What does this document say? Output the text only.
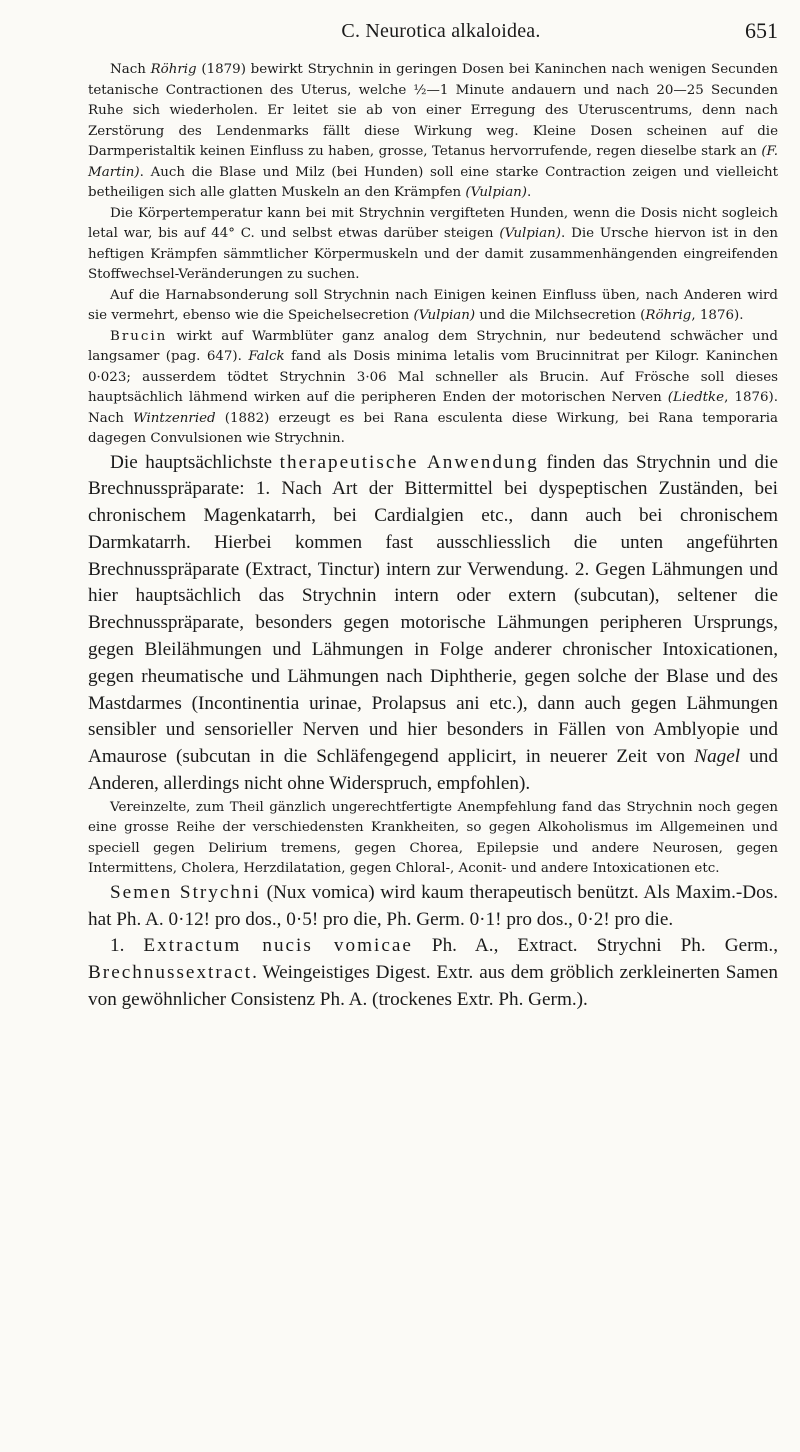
C. Neurotica alkaloidea.	651

Nach Röhrig (1879) bewirkt Strychnin in geringen Dosen bei Kaninchen nach wenigen Secunden tetanische Contractionen des Uterus, welche ½—1 Minute andauern und nach 20—25 Secunden Ruhe sich wiederholen. Er leitet sie ab von einer Erregung des Uteruscentrums, denn nach Zerstörung des Lendenmarks fällt diese Wirkung weg. Kleine Dosen scheinen auf die Darmperistaltik keinen Einfluss zu haben, grosse, Tetanus hervorrufende, regen dieselbe stark an (F. Martin). Auch die Blase und Milz (bei Hunden) soll eine starke Contraction zeigen und vielleicht betheiligen sich alle glatten Muskeln an den Krämpfen (Vulpian).

Die Körpertemperatur kann bei mit Strychnin vergifteten Hunden, wenn die Dosis nicht sogleich letal war, bis auf 44° C. und selbst etwas darüber steigen (Vulpian). Die Ursche hiervon ist in den heftigen Krämpfen sämmtlicher Körpermuskeln und der damit zusammenhängenden eingreifenden Stoffwechsel-Veränderungen zu suchen.

Auf die Harnabsonderung soll Strychnin nach Einigen keinen Einfluss üben, nach Anderen wird sie vermehrt, ebenso wie die Speichelsecretion (Vulpian) und die Milchsecretion (Röhrig, 1876).

Brucin wirkt auf Warmblüter ganz analog dem Strychnin, nur bedeutend schwächer und langsamer (pag. 647). Falck fand als Dosis minima letalis vom Brucinnitrat per Kilogr. Kaninchen 0·023; ausserdem tödtet Strychnin 3·06 Mal schneller als Brucin. Auf Frösche soll dieses hauptsächlich lähmend wirken auf die peripheren Enden der motorischen Nerven (Liedtke, 1876). Nach Wintzenried (1882) erzeugt es bei Rana esculenta diese Wirkung, bei Rana temporaria dagegen Convulsionen wie Strychnin.

Die hauptsächlichste therapeutische Anwendung finden das Strychnin und die Brechnusspräparate: 1. Nach Art der Bittermittel bei dyspeptischen Zuständen, bei chronischem Magenkatarrh, bei Cardialgien etc., dann auch bei chronischem Darmkatarrh. Hierbei kommen fast ausschliesslich die unten angeführten Brechnusspräparate (Extract, Tinctur) intern zur Verwendung. 2. Gegen Lähmungen und hier hauptsächlich das Strychnin intern oder extern (subcutan), seltener die Brechnusspräparate, besonders gegen motorische Lähmungen peripheren Ursprungs, gegen Bleilähmungen und Lähmungen in Folge anderer chronischer Intoxicationen, gegen rheumatische und Lähmungen nach Diphtherie, gegen solche der Blase und des Mastdarmes (Incontinentia urinae, Prolapsus ani etc.), dann auch gegen Lähmungen sensibler und sensorieller Nerven und hier besonders in Fällen von Amblyopie und Amaurose (subcutan in die Schläfengegend applicirt, in neuerer Zeit von Nagel und Anderen, allerdings nicht ohne Widerspruch, empfohlen).

Vereinzelte, zum Theil gänzlich ungerechtfertigte Anempfehlung fand das Strychnin noch gegen eine grosse Reihe der verschiedensten Krankheiten, so gegen Alkoholismus im Allgemeinen und speciell gegen Delirium tremens, gegen Chorea, Epilepsie und andere Neurosen, gegen Intermittens, Cholera, Herzdilatation, gegen Chloral-, Aconit- und andere Intoxicationen etc.

Semen Strychni (Nux vomica) wird kaum therapeutisch benützt. Als Maxim.-Dos. hat Ph. A. 0·12! pro dos., 0·5! pro die, Ph. Germ. 0·1! pro dos., 0·2! pro die.

1. Extractum nucis vomicae Ph. A., Extract. Strychni Ph. Germ., Brechnussextract. Weingeistiges Digest. Extr. aus dem gröblich zerkleinerten Samen von gewöhnlicher Consistenz Ph. A. (trockenes Extr. Ph. Germ.).
